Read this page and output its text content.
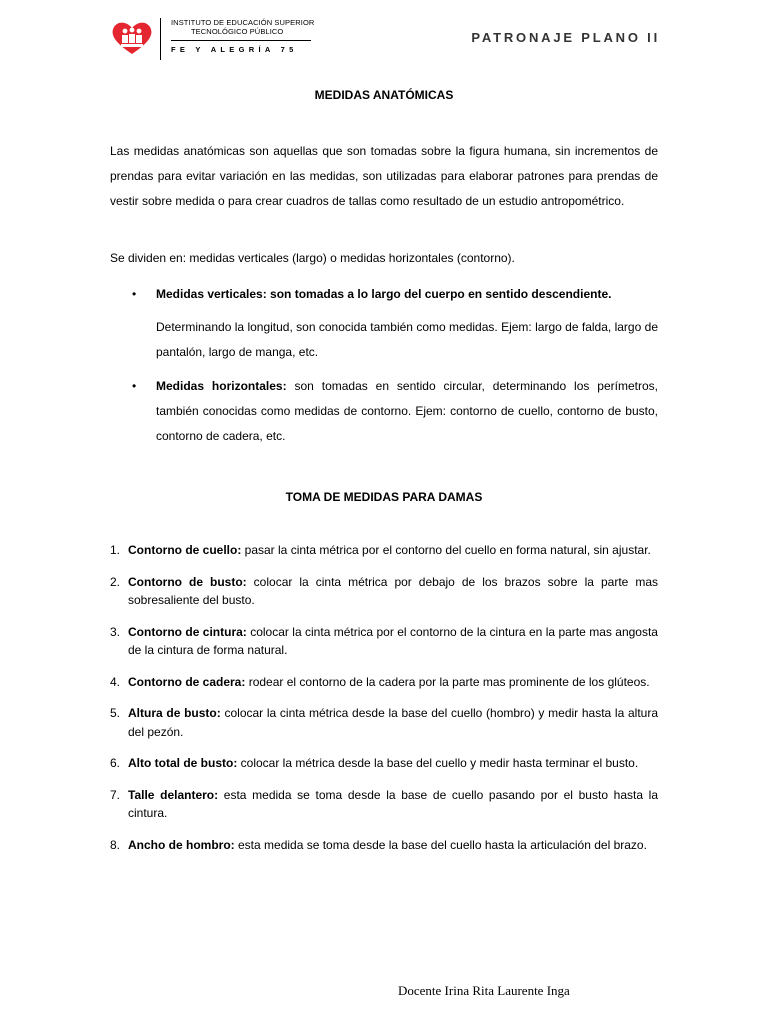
INSTITUTO DE EDUCACIÓN SUPERIOR
TECNOLÓGICO PÚBLICO
FE Y ALEGRÍA 75
PATRONAJE PLANO II
MEDIDAS ANATÓMICAS

Las medidas anatómicas son aquellas que son tomadas sobre la figura humana, sin incrementos de prendas para evitar variación en las medidas, son utilizadas para elaborar patrones para prendas de vestir sobre medida o para crear cuadros de tallas como resultado de un estudio antropométrico.

Se dividen en: medidas verticales (largo) o medidas horizontales (contorno).

• Medidas verticales: son tomadas a lo largo del cuerpo en sentido descendiente.
Determinando la longitud, son conocida también como medidas. Ejem: largo de falda, largo de pantalón, largo de manga, etc.
• Medidas horizontales: son tomadas en sentido circular, determinando los perímetros, también conocidas como medidas de contorno. Ejem: contorno de cuello, contorno de busto, contorno de cadera, etc.
TOMA DE MEDIDAS PARA DAMAS
1. Contorno de cuello: pasar la cinta métrica por el contorno del cuello en forma natural, sin ajustar.
2. Contorno de busto: colocar la cinta métrica por debajo de los brazos sobre la parte mas sobresaliente del busto.
3. Contorno de cintura: colocar la cinta métrica por el contorno de la cintura en la parte mas angosta de la cintura de forma natural.
4. Contorno de cadera: rodear el contorno de la cadera por la parte mas prominente de los glúteos.
5. Altura de busto: colocar la cinta métrica desde la base del cuello (hombro) y medir hasta la altura del pezón.
6. Alto total de busto: colocar la métrica desde la base del cuello y medir hasta terminar el busto.
7. Talle delantero: esta medida se toma desde la base de cuello pasando por el busto hasta la cintura.
8. Ancho de hombro: esta medida se toma desde la base del cuello hasta la articulación del brazo.
Docente Irina Rita Laurente Inga
